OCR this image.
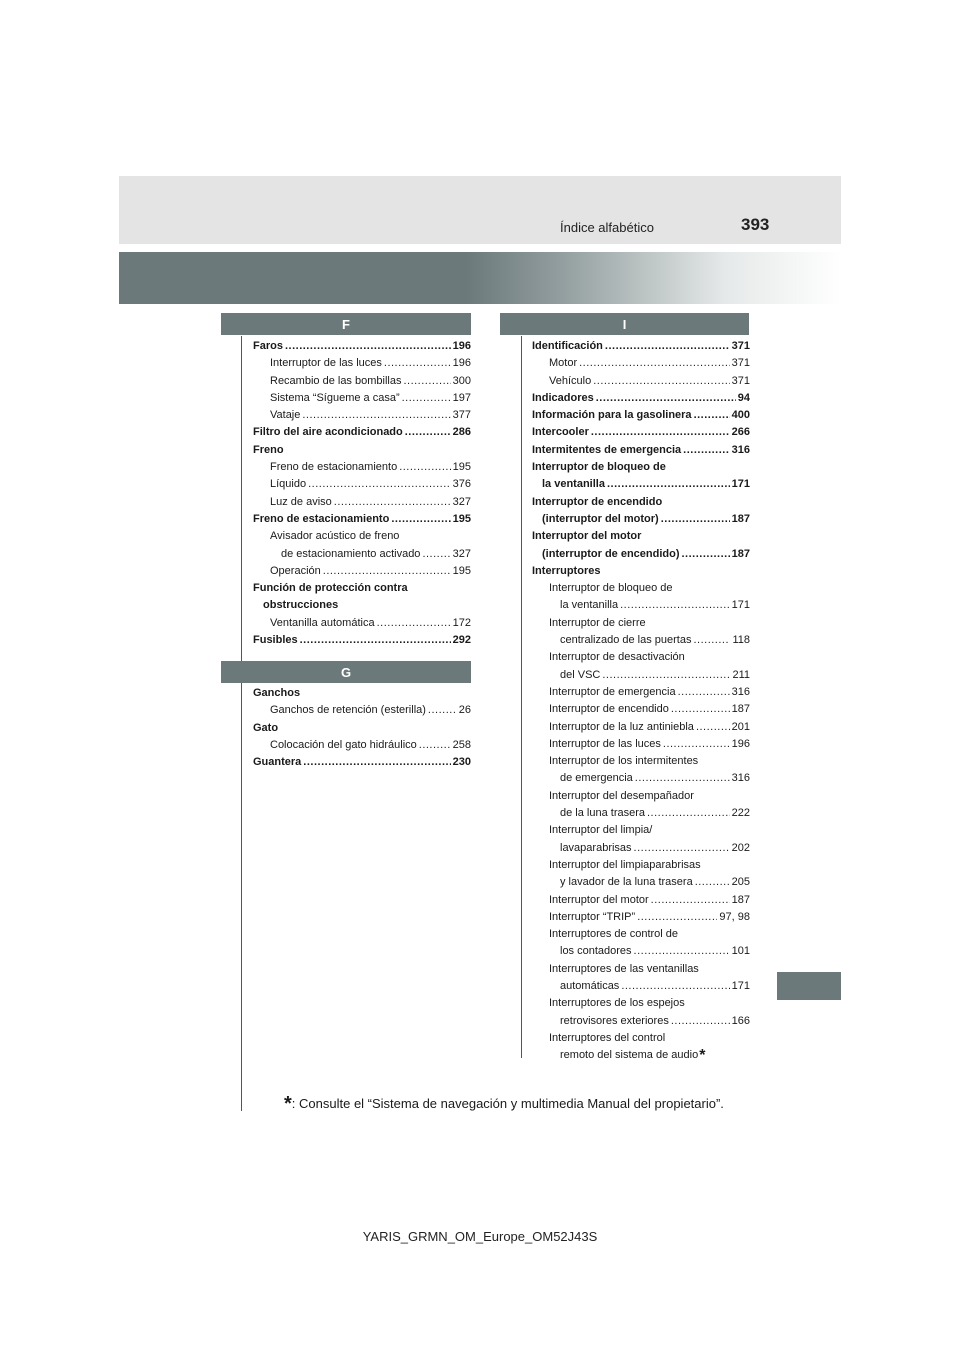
Índice alfabético	393
F
Faros .....	196
Interruptor de las luces .....	196
Recambio de las bombillas .....	300
Sistema “Sígueme a casa” .....	197
Vataje .....	377
Filtro del aire acondicionado .....	286
Freno
Freno de estacionamiento .....	195
Líquido .....	376
Luz de aviso .....	327
Freno de estacionamiento .....	195
Avisador acústico de freno
de estacionamiento activado .....	327
Operación .....	195
Función de protección contra
obstrucciones
Ventanilla automática .....	172
Fusibles .....	292
G
Ganchos
Ganchos de retención (esterilla) .....	26
Gato
Colocación del gato hidráulico .....	258
Guantera .....	230
I
Identificación .....	371
Motor .....	371
Vehículo .....	371
Indicadores .....	94
Información para la gasolinera .....	400
Intercooler .....	266
Intermitentes de emergencia .....	316
Interruptor de bloqueo de
la ventanilla .....	171
Interruptor de encendido
(interruptor del motor) .....	187
Interruptor del motor
(interruptor de encendido) .....	187
Interruptores
Interruptor de bloqueo de
la ventanilla .....	171
Interruptor de cierre
centralizado de las puertas .....	118
Interruptor de desactivación
del VSC .....	211
Interruptor de emergencia .....	316
Interruptor de encendido .....	187
Interruptor de la luz antiniebla .....	201
Interruptor de las luces .....	196
Interruptor de los intermitentes
de emergencia .....	316
Interruptor del desempañador
de la luna trasera .....	222
Interruptor del limpia/
lavaparabrisas .....	202
Interruptor del limpiaparabrisas
y lavador de la luna trasera .....	205
Interruptor del motor .....	187
Interruptor “TRIP” .....	97, 98
Interruptores de control de
los contadores .....	101
Interruptores de las ventanillas
automáticas .....	171
Interruptores de los espejos
retrovisores exteriores .....	166
Interruptores del control
remoto del sistema de audio *
*: Consulte el “Sistema de navegación y multimedia Manual del propietario”.
YARIS_GRMN_OM_Europe_OM52J43S
